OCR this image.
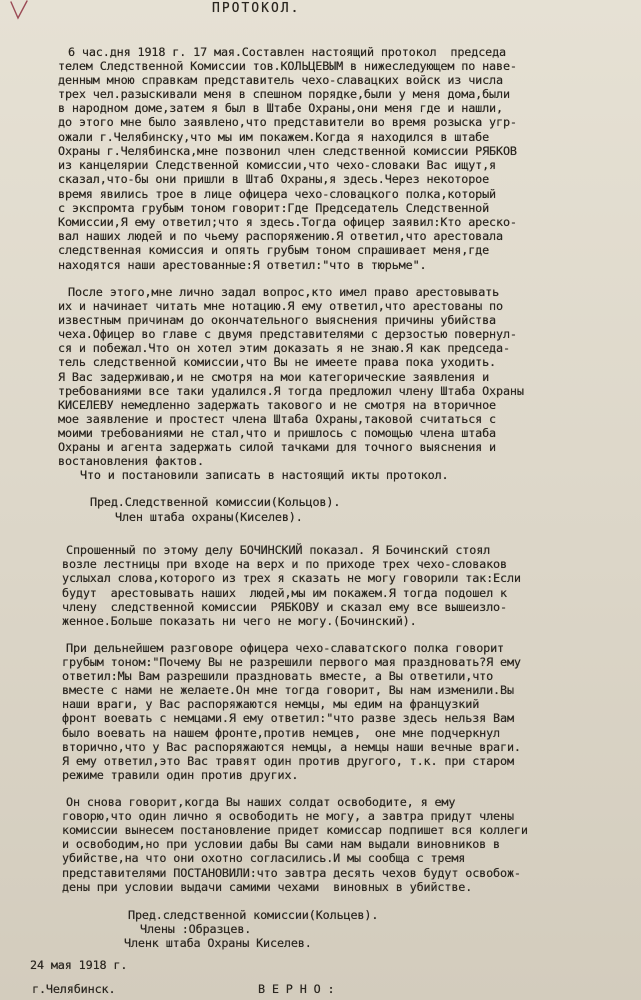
ПРОТОКОЛ.
6 час.дня 1918 г. 17 мая.Составлен настоящий протокол  председа
телем Следственной Комиссии тов.КОЛЬЦЕВЫМ в нижеследующем по наве-
денным мною справкам представитель чехо-славацких войск из числа
трех чел.разыскивали меня в спешном порядке,были у меня дома,были
в народном доме,затем я был в Штабе Охраны,они меня где и нашли,
до этого мне было заявлено,что представители во время розыска угр-
ожали г.Челябинску,что мы им покажем.Когда я находился в штабе
Охраны г.Челябинска,мне позвонил член следственной комиссии РЯБКОВ
из канцелярии Следственной комиссии,что чехо-словаки Вас ищут,я
сказал,что-бы они пришли в Штаб Охраны,я здесь.Через некоторое
время явились трое в лице офицера чехо-словацкого полка,который
с экспромта грубым тоном говорит:Где Председатель Следственной
Комиссии,Я ему ответил;что я здесь.Тогда офицер заявил:Кто ареско-
вал наших людей и по чьему распоряжению.Я ответил,что арестовала
следственная комиссия и опять грубым тоном спрашивает меня,где
находятся наши арестованные:Я ответил:"что в тюрьме".
После этого,мне лично задал вопрос,кто имел право арестовывать
их и начинает читать мне нотацию.Я ему ответил,что арестованы по
известным причинам до окончательного выяснения причины убийства
чеха.Офицер во главе с двумя представителями с дерзостью повернул-
ся и побежал.Что он хотел этим доказать я не знаю.Я как председа-
тель следственной комиссии,что Вы не имеете права пока уходить.
Я Вас задерживаю,и не смотря на мои категорические заявления и
требованиями все таки удалился.Я тогда предложил члену Штаба Охраны
КИСЕЛЕВУ немедленно задержать такового и не смотря на вторичное
мое заявление и простест члена Штаба Охраны,таковой считаться с
моими требованиями не стал,что и пришлось с помощью члена штаба
Охраны и агента задержать силой тачками для точного выяснения и
востановления фактов.
Что и постановили записать в настоящий икты протокол.
Пред.Следственной комиссии(Кольцов).
Член штаба охраны(Киселев).
Спрошенный по этому делу БОЧИНСКИЙ показал. Я Бочинский стоял
возле лестницы при входе на верх и по приходе трех чехо-словаков
услыхал слова,которого из трех я сказать не могу говорили так:Если
будут  арестовывать наших  людей,мы им покажем.Я тогда подошел к
члену  следственной комиссии  РЯБКОВУ и сказал ему все вышеизло-
женное.Больше показать ни чего не могу.(Бочинский).
При дельнейшем разговоре офицера чехо-славатского полка говорит
грубым тоном:"Почему Вы не разрешили первого мая праздновать?Я ему
ответил:Мы Вам разрешили праздновать вместе, а Вы ответили,что
вместе с нами не желаете.Он мне тогда говорит, Вы нам изменили.Вы
наши враги, у Вас распоряжаются немцы, мы едим на французкий
фронт воевать с немцами.Я ему ответил:"что разве здесь нельзя Вам
было воевать на нашем фронте,против немцев,  оне мне подчеркнул
вторично,что у Вас распоряжаются немцы, а немцы наши вечные враги.
Я ему ответил,это Вас травят один против другого, т.к. при старом
режиме травили один против других.
Он снова говорит,когда Вы наших солдат освободите, я ему
говорю,что один лично я освободить не могу, а завтра придут члены
комиссии вынесем постановление придет комиссар подпишет вся коллеги
и освободим,но при условии дабы Вы сами нам выдали виновников в
убийстве,на что они охотно согласились.И мы сообща с тремя
представителями ПОСТАНОВИЛИ:что завтра десять чехов будут освобож-
дены при условии выдачи самими чехами  виновных в убийстве.
Пред.следственной комиссии(Кольцев).
Члены :Образцев.
Членк штаба Охраны Киселев.
24 мая 1918 г.
г.Челябинск.	В Е Р Н О :
